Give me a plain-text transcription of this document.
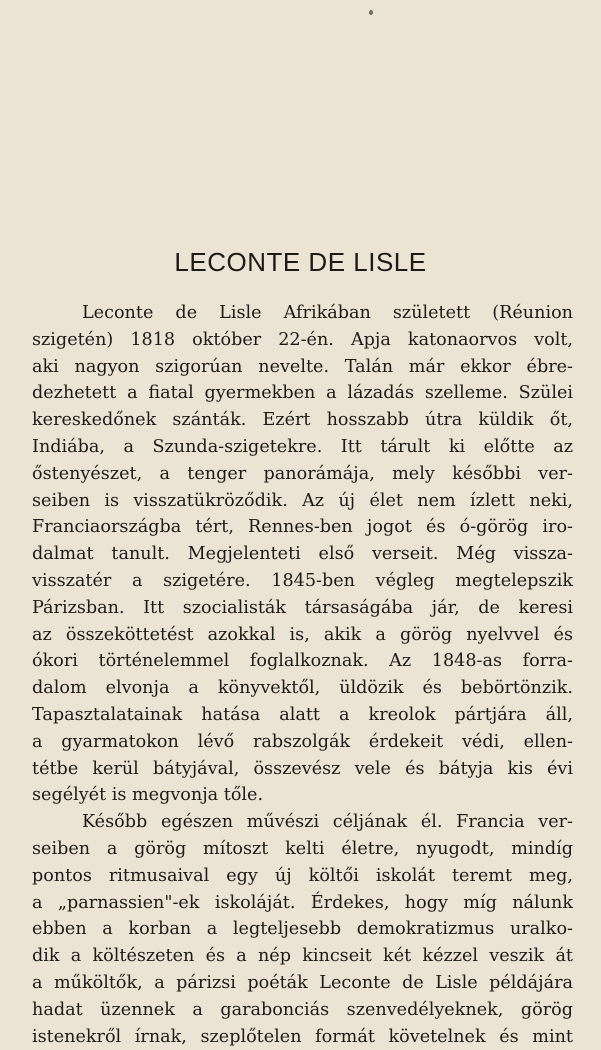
LECONTE DE LISLE
Leconte de Lisle Afrikában született (Réunion
szigetén) 1818 október 22-én. Apja katonaorvos volt,
aki nagyon szigorúan nevelte. Talán már ekkor ébre-
dezhetett a fiatal gyermekben a lázadás szelleme. Szülei
kereskedőnek szánták. Ezért hosszabb útra küldik őt,
Indiába, a Szunda-szigetekre. Itt tárult ki előtte az
őstenyészet, a tenger panorámája, mely későbbi ver-
seiben is visszatükröződik. Az új élet nem ízlett neki,
Franciaországba tért, Rennes-ben jogot és ó-görög iro-
dalmat tanult. Megjelenteti első verseit. Még vissza-
visszatér a szigetére. 1845-ben végleg megtelepszik
Párizsban. Itt szocialisták társaságába jár, de keresi
az összeköttetést azokkal is, akik a görög nyelvvel és
ókori történelemmel foglalkoznak. Az 1848-as forra-
dalom elvonja a könyvektől, üldözik és bebörtönzik.
Tapasztalatainak hatása alatt a kreolok pártjára áll,
a gyarmatokon lévő rabszolgák érdekeit védi, ellen-
tétbe kerül bátyjával, összevész vele és bátyja kis évi
segélyét is megvonja tőle.
Később egészen művészi céljának él. Francia ver-
seiben a görög mítoszt kelti életre, nyugodt, mindíg
pontos ritmusaival egy új költői iskolát teremt meg,
a „parnassien"-ek iskoláját. Érdekes, hogy míg nálunk
ebben a korban a legteljesebb demokratizmus uralko-
dik a költészeten és a nép kincseit két kézzel veszik át
a műköltők, a párizsi poéták Leconte de Lisle példájára
hadat üzennek a garabonciás szenvedélyeknek, görög
istenekről írnak, szeplőtelen formát követelnek és mint
